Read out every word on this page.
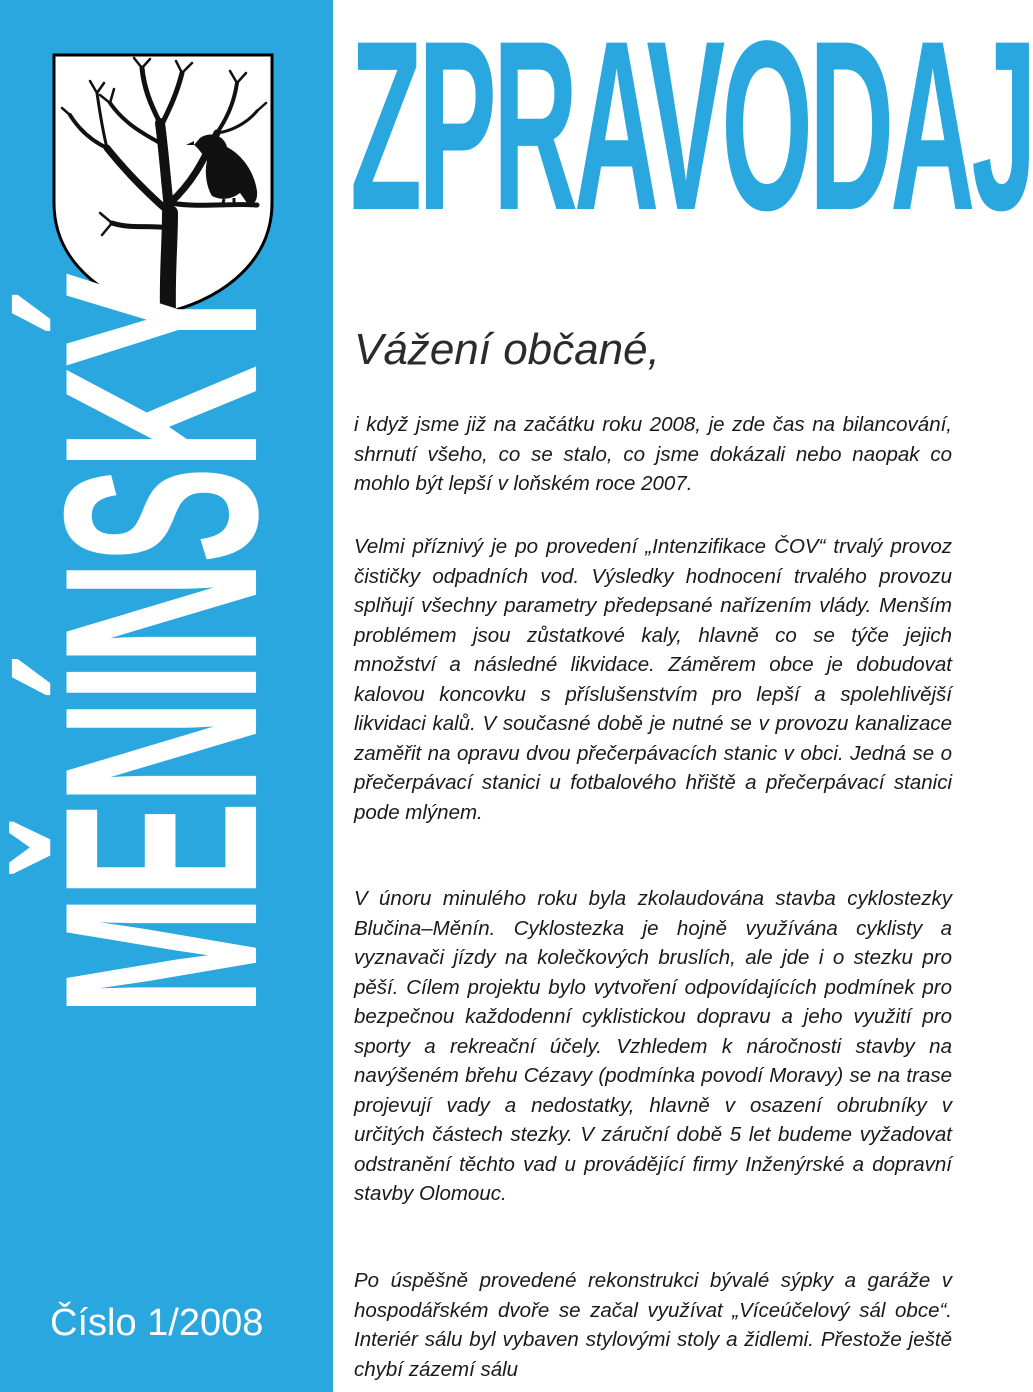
MĚNÍNSKÝ
Číslo 1/2008
ZPRAVODAJ
Vážení občané,

i když jsme již na začátku roku 2008, je zde čas na bilancování, shrnutí všeho, co se stalo, co jsme dokázali nebo naopak co mohlo být lepší v loňském roce 2007.

Velmi příznivý je po provedení „Intenzifikace ČOV“ trvalý provoz čističky odpadních vod. Výsledky hodnocení trvalého provozu splňují všechny parametry předepsané nařízením vlády. Menším problémem jsou zůstatkové kaly, hlavně co se týče jejich množství a následné likvidace. Záměrem obce je dobudovat kalovou koncovku s příslušenstvím pro lepší a spolehlivější likvidaci kalů. V současné době je nutné se v provozu kanalizace zaměřit na opravu dvou přečerpávacích stanic v obci. Jedná se o přečerpávací stanici u fotbalového hřiště a přečerpávací stanici pode mlýnem.

V únoru minulého roku byla zkolaudována stavba cyklostezky Blučina–Měnín. Cyklostezka je hojně využívána cyklisty a vyznavači jízdy na kolečkových bruslích, ale jde i o stezku pro pěší. Cílem projektu bylo vytvoření odpovídajících podmínek pro bezpečnou každodenní cyklistickou dopravu a jeho využití pro sporty a rekreační účely. Vzhledem k náročnosti stavby na navýšeném břehu Cézavy (podmínka povodí Moravy) se na trase projevují vady a nedostatky, hlavně v osazení obrubníky v určitých částech stezky. V záruční době 5 let budeme vyžadovat odstranění těchto vad u provádějící firmy Inženýrské a dopravní stavby Olomouc.

Po úspěšně provedené rekonstrukci bývalé sýpky a garáže v hospodářském dvoře se začal využívat „Víceúčelový sál obce“. Interiér sálu byl vybaven stylovými stoly a židlemi. Přestože ještě chybí zázemí sálu
